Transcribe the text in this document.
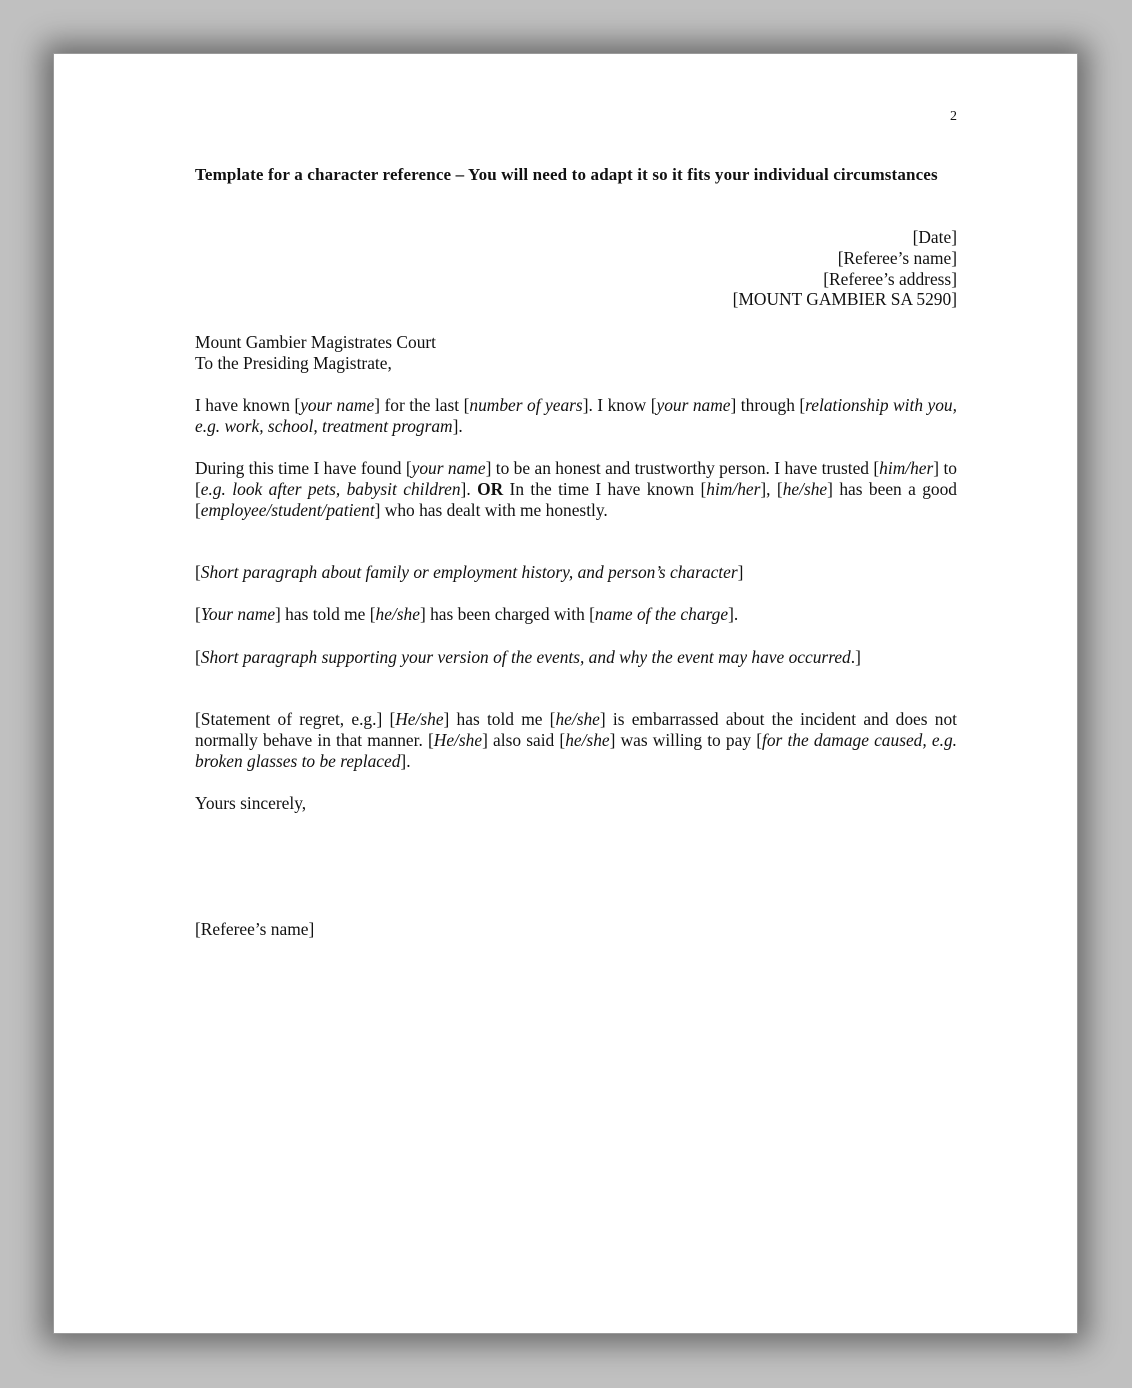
2
Template for a character reference – You will need to adapt it so it fits your individual circumstances
[Date]
[Referee’s name]
[Referee’s address]
[MOUNT GAMBIER SA 5290]
Mount Gambier Magistrates Court
To the Presiding Magistrate,
I have known [your name] for the last [number of years]. I know [your name] through [relationship with you, e.g. work, school, treatment program].
During this time I have found [your name] to be an honest and trustworthy person. I have trusted [him/her] to [e.g. look after pets, babysit children]. OR In the time I have known [him/her], [he/she] has been a good [employee/student/patient] who has dealt with me honestly.
[Short paragraph about family or employment history, and person’s character]
[Your name] has told me [he/she] has been charged with [name of the charge].
[Short paragraph supporting your version of the events, and why the event may have occurred.]
[Statement of regret, e.g.] [He/she] has told me [he/she] is embarrassed about the incident and does not normally behave in that manner. [He/she] also said [he/she] was willing to pay [for the damage caused, e.g. broken glasses to be replaced].
Yours sincerely,
[Referee’s name]
